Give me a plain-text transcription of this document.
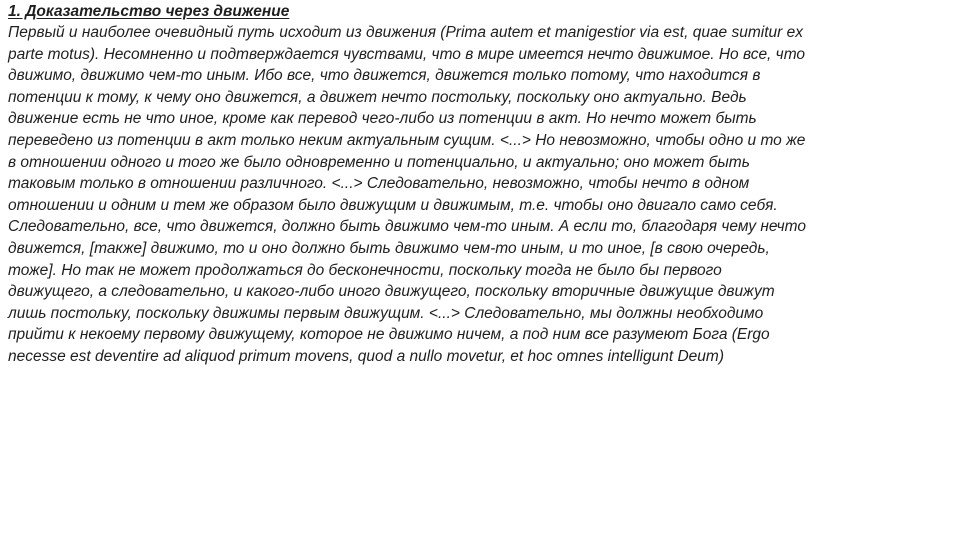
1. Доказательство через движение

Первый и наиболее очевидный путь исходит из движения (Prima autem et manigestior via est, quae sumitur ex
parte motus). Несомненно и подтверждается чувствами, что в мире имеется нечто движимое. Но все, что
движимо, движимо чем-то иным. Ибо все, что движется, движется только потому, что находится в
потенции к тому, к чему оно движется, а движет нечто постольку, поскольку оно актуально. Ведь
движение есть не что иное, кроме как перевод чего-либо из потенции в акт. Но нечто может быть
переведено из потенции в акт только неким актуальным сущим. <...> Но невозможно, чтобы одно и то же
в отношении одного и того же было одновременно и потенциально, и актуально; оно может быть
таковым только в отношении различного. <...> Следовательно, невозможно, чтобы нечто в одном
отношении и одним и тем же образом было движущим и движимым, т.е. чтобы оно двигало само себя.
Следовательно, все, что движется, должно быть движимо чем-то иным. А если то, благодаря чему нечто
движется, [также] движимо, то и оно должно быть движимо чем-то иным, и то иное, [в свою очередь,
тоже]. Но так не может продолжаться до бесконечности, поскольку тогда не было бы первого
движущего, а следовательно, и какого-либо иного движущего, поскольку вторичные движущие движут
лишь постольку, поскольку движимы первым движущим. <...> Следовательно, мы должны необходимо
прийти к некоему первому движущему, которое не движимо ничем, а под ним все разумеют Бога (Ergo
necesse est deventire ad aliquod primum movens, quod a nullo movetur, et hoc omnes intelligunt Deum)
